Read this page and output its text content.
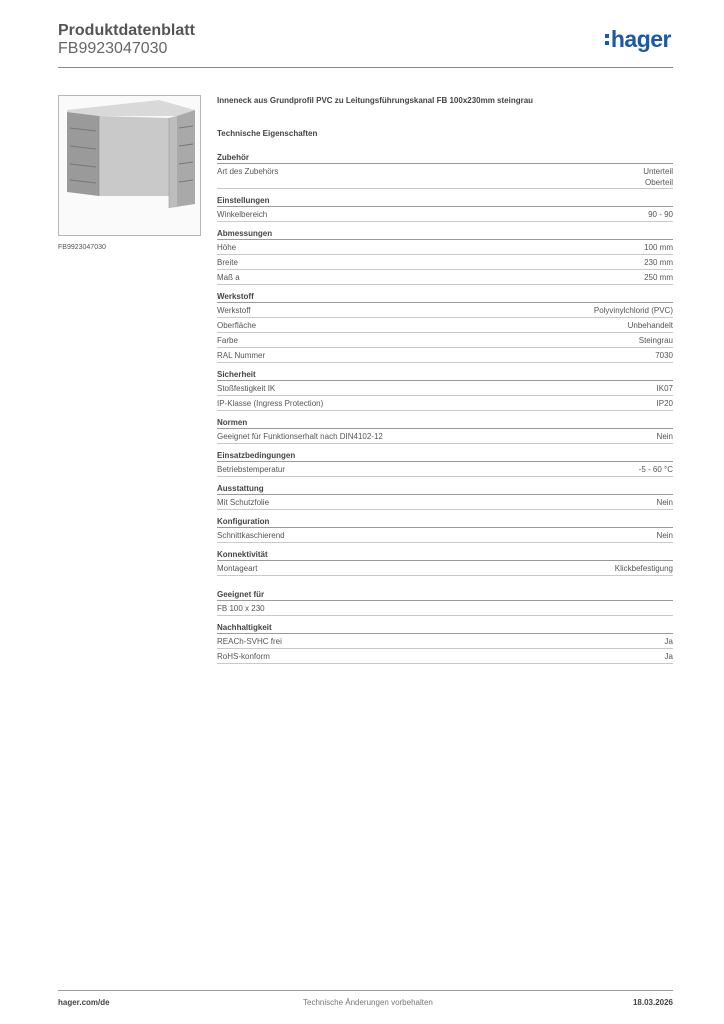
Produktdatenblatt
FB9923047030	hager
FB9923047030
Inneneck aus Grundprofil PVC zu Leitungsführungskanal FB 100x230mm steingrau
Technische Eigenschaften
Zubehör
Art des Zubehörs	Unterteil
Oberteil
Einstellungen
Winkelbereich	90 - 90
Abmessungen
Höhe	100 mm
Breite	230 mm
Maß a	250 mm
Werkstoff
Werkstoff	Polyvinylchlorid (PVC)
Oberfläche	Unbehandelt
Farbe	Steingrau
RAL Nummer	7030
Sicherheit
Stoßfestigkeit IK	IK07
IP-Klasse (Ingress Protection)	IP20
Normen
Geeignet für Funktionserhalt nach DIN4102-12	Nein
Einsatzbedingungen
Betriebstemperatur	-5 - 60 °C
Ausstattung
Mit Schutzfolie	Nein
Konfiguration
Schnittkaschierend	Nein
Konnektivität
Montageart	Klickbefestigung
Geeignet für
FB 100 x 230
Nachhaltigkeit
REACh-SVHC frei	Ja
RoHS-konform	Ja
hager.com/de	Technische Änderungen vorbehalten	18.03.2026
